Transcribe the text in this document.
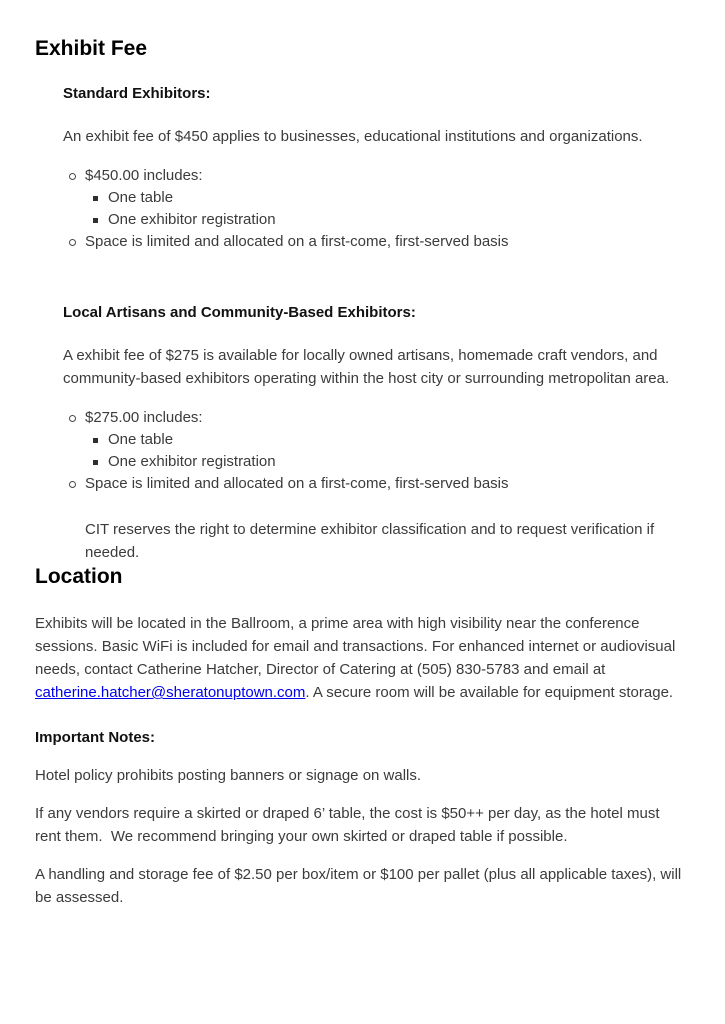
Exhibit Fee

Standard Exhibitors:

An exhibit fee of $450 applies to businesses, educational institutions and organizations.

$450.00 includes:
One table
One exhibitor registration
Space is limited and allocated on a first-come, first-served basis

Local Artisans and Community-Based Exhibitors:

A exhibit fee of $275 is available for locally owned artisans, homemade craft vendors, and community-based exhibitors operating within the host city or surrounding metropolitan area.

$275.00 includes:
One table
One exhibitor registration
Space is limited and allocated on a first-come, first-served basis

CIT reserves the right to determine exhibitor classification and to request verification if needed.

Location

Exhibits will be located in the Ballroom, a prime area with high visibility near the conference sessions. Basic WiFi is included for email and transactions. For enhanced internet or audiovisual needs, contact Catherine Hatcher, Director of Catering at (505) 830-5783 and email at catherine.hatcher@sheratonuptown.com. A secure room will be available for equipment storage.

Important Notes:

Hotel policy prohibits posting banners or signage on walls.

If any vendors require a skirted or draped 6’ table, the cost is $50++ per day, as the hotel must rent them.  We recommend bringing your own skirted or draped table if possible.

A handling and storage fee of $2.50 per box/item or $100 per pallet (plus all applicable taxes), will be assessed.
